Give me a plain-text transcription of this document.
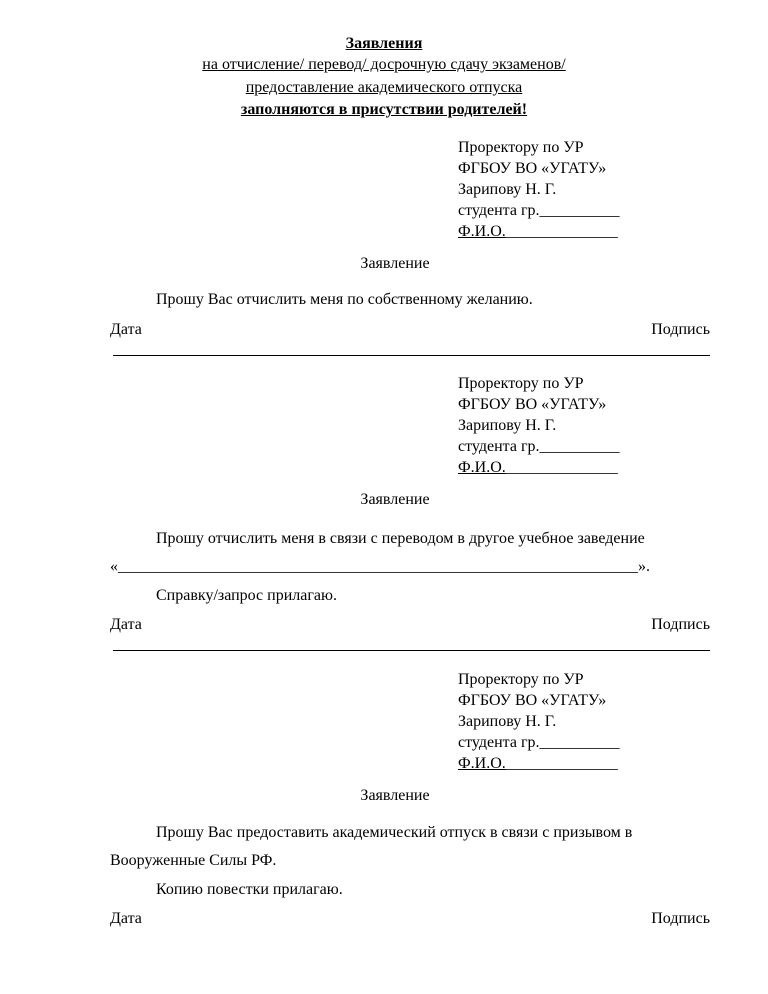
Заявления
на отчисление/ перевод/ досрочную сдачу экзаменов/
предоставление академического отпуска
заполняются в присутствии родителей!
Проректору по УР
ФГБОУ ВО «УГАТУ»
Зарипову Н. Г.
студента гр.__________
Ф.И.О.______________
Заявление
Прошу Вас отчислить меня по собственному желанию.
Дата	Подпись
Проректору по УР
ФГБОУ ВО «УГАТУ»
Зарипову Н. Г.
студента гр.__________
Ф.И.О.______________
Заявление
Прошу отчислить меня в связи с переводом в другое учебное заведение
«_________________________________________________________________».
Справку/запрос прилагаю.
Дата	Подпись
Проректору по УР
ФГБОУ ВО «УГАТУ»
Зарипову Н. Г.
студента гр.__________
Ф.И.О.______________
Заявление
Прошу Вас предоставить академический отпуск в связи с призывом в
Вооруженные Силы РФ.
Копию повестки прилагаю.
Дата	Подпись
